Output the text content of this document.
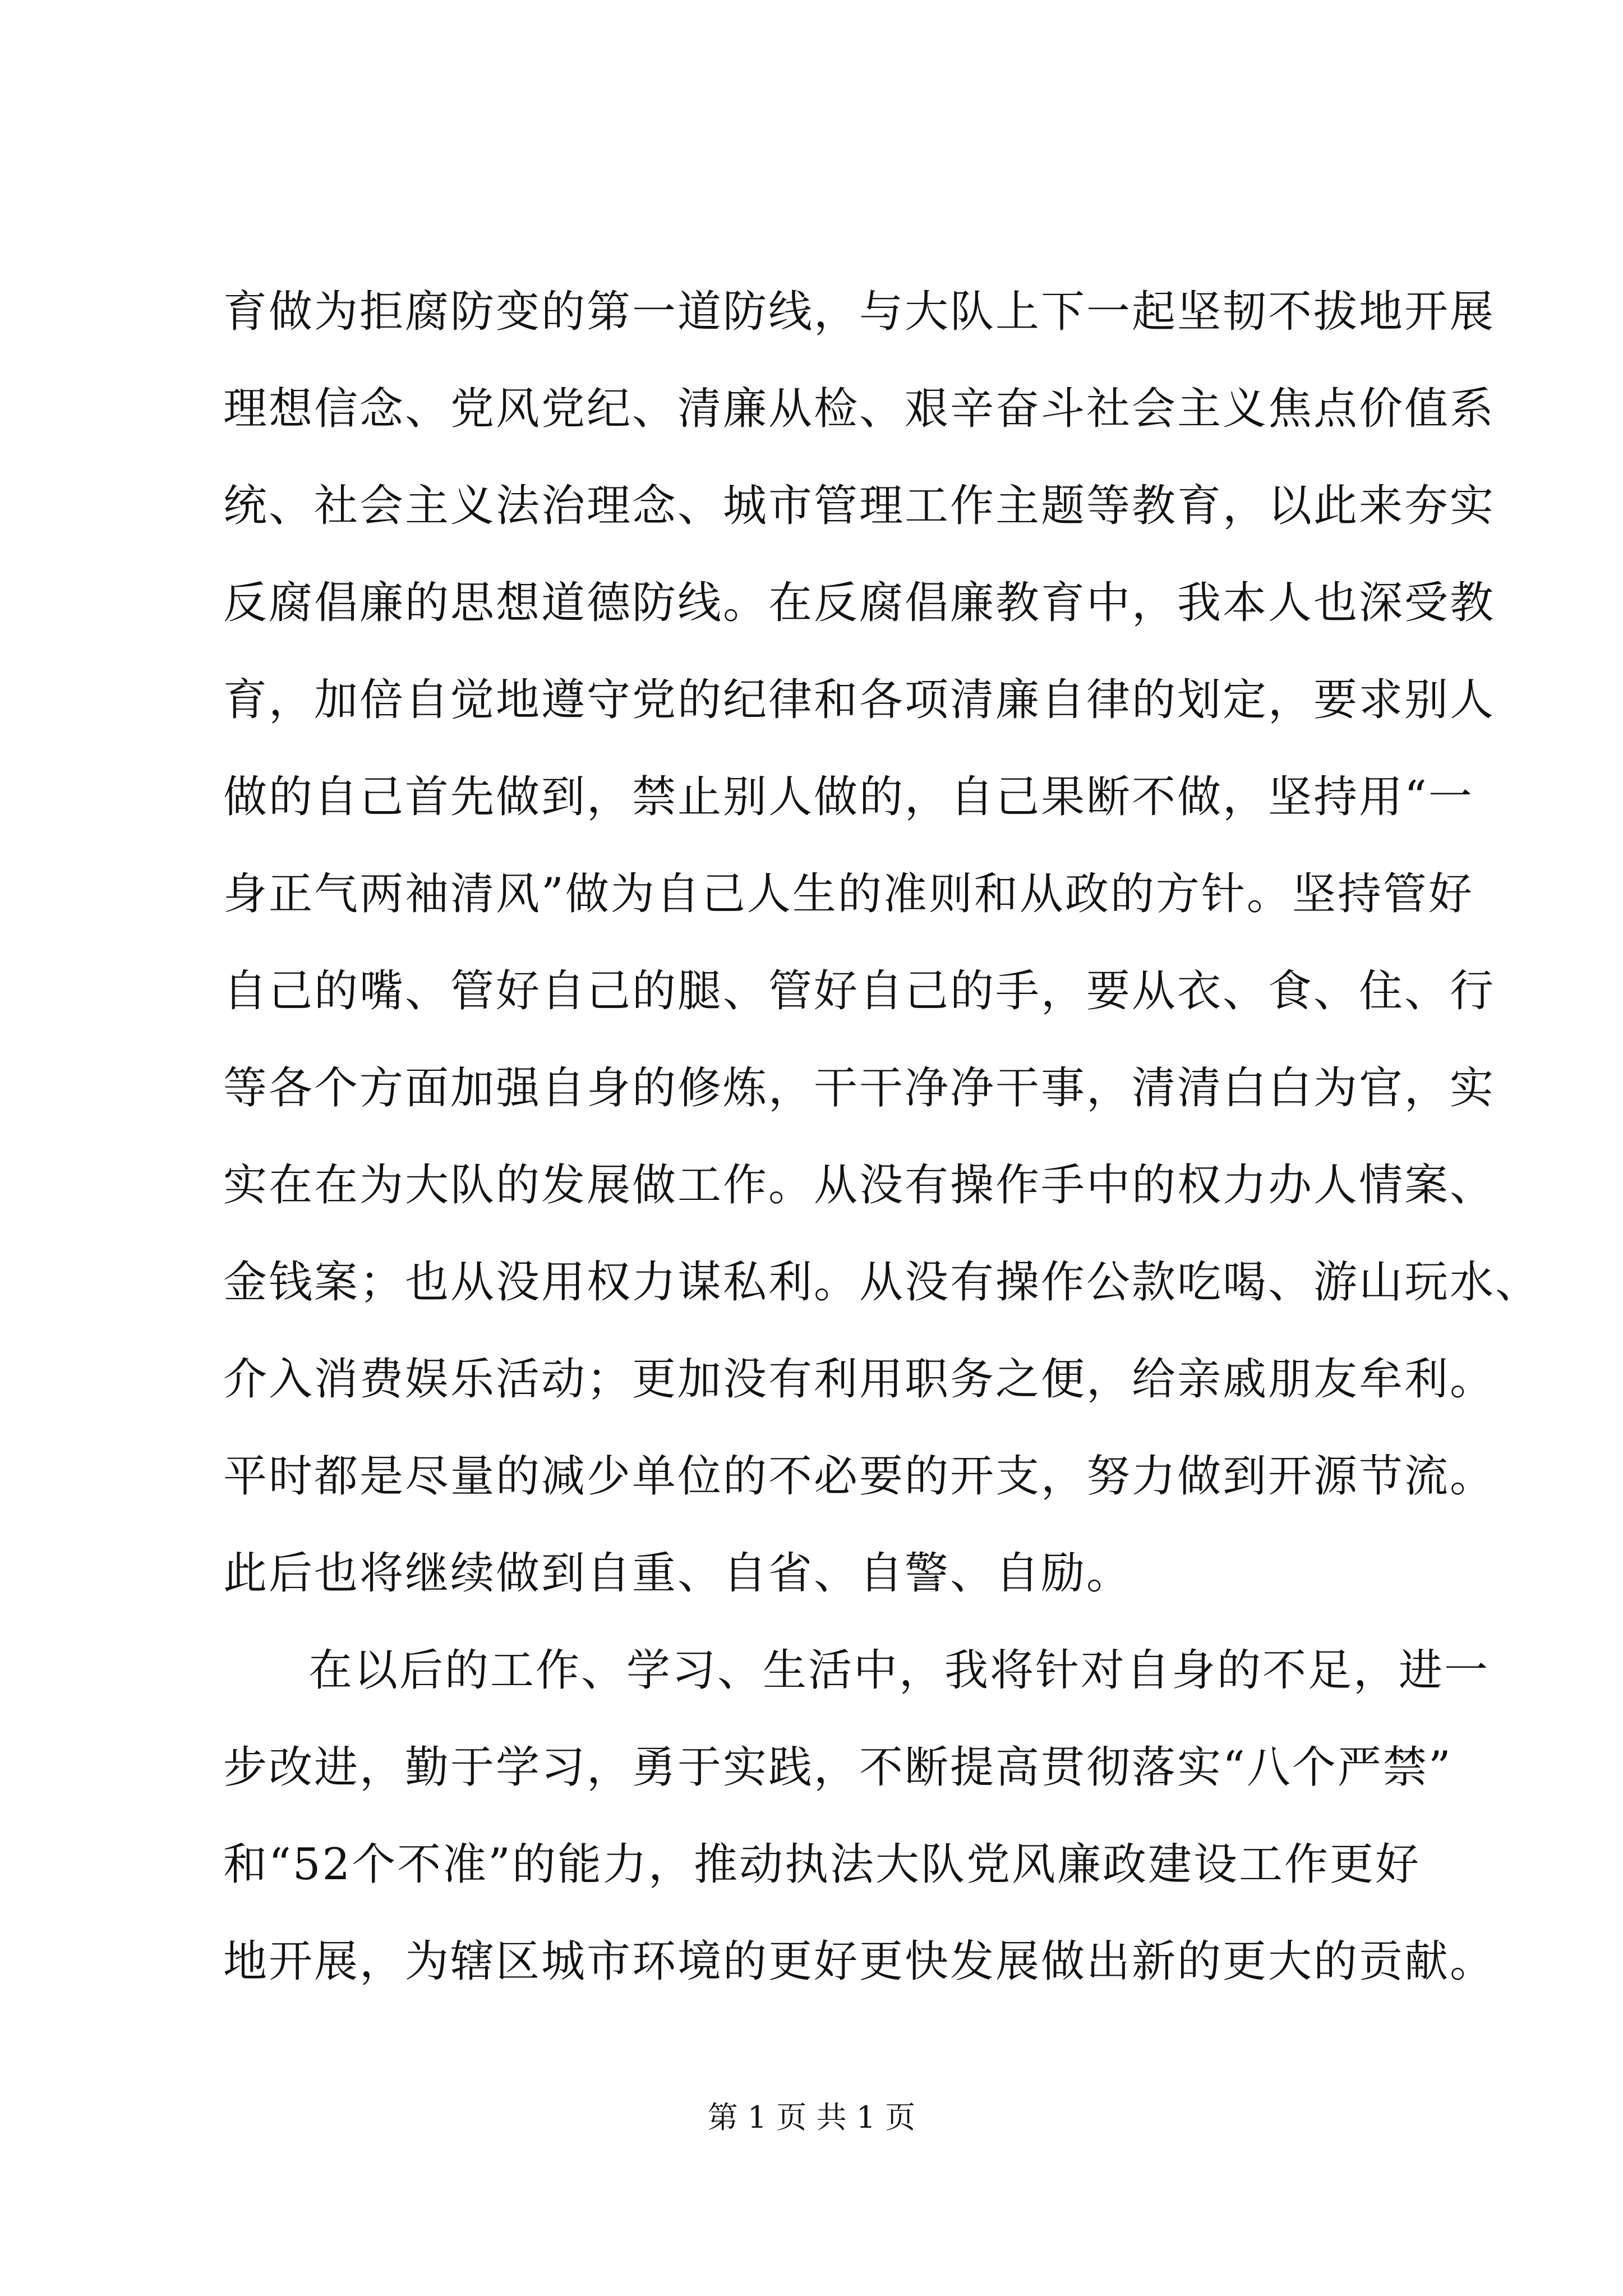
育做为拒腐防变的第一道防线，与大队上下一起坚韧不拔地开展
理想信念、党风党纪、清廉从检、艰辛奋斗社会主义焦点价值系
统、社会主义法治理念、城市管理工作主题等教育，以此来夯实
反腐倡廉的思想道德防线。在反腐倡廉教育中，我本人也深受教
育，加倍自觉地遵守党的纪律和各项清廉自律的划定，要求别人
做的自己首先做到，禁止别人做的，自己果断不做，坚持用“一
身正气两袖清风”做为自己人生的准则和从政的方针。坚持管好
自己的嘴、管好自己的腿、管好自己的手，要从衣、食、住、行
等各个方面加强自身的修炼，干干净净干事，清清白白为官，实
实在在为大队的发展做工作。从没有操作手中的权力办人情案、
金钱案；也从没用权力谋私利。从没有操作公款吃喝、游山玩水、
介入消费娱乐活动；更加没有利用职务之便，给亲戚朋友牟利。
平时都是尽量的减少单位的不必要的开支，努力做到开源节流。
此后也将继续做到自重、自省、自警、自励。
在以后的工作、学习、生活中，我将针对自身的不足，进一
步改进，勤于学习，勇于实践，不断提高贯彻落实“八个严禁”
和“52个不准”的能力，推动执法大队党风廉政建设工作更好
地开展，为辖区城市环境的更好更快发展做出新的更大的贡献。
第 1 页 共 1 页
